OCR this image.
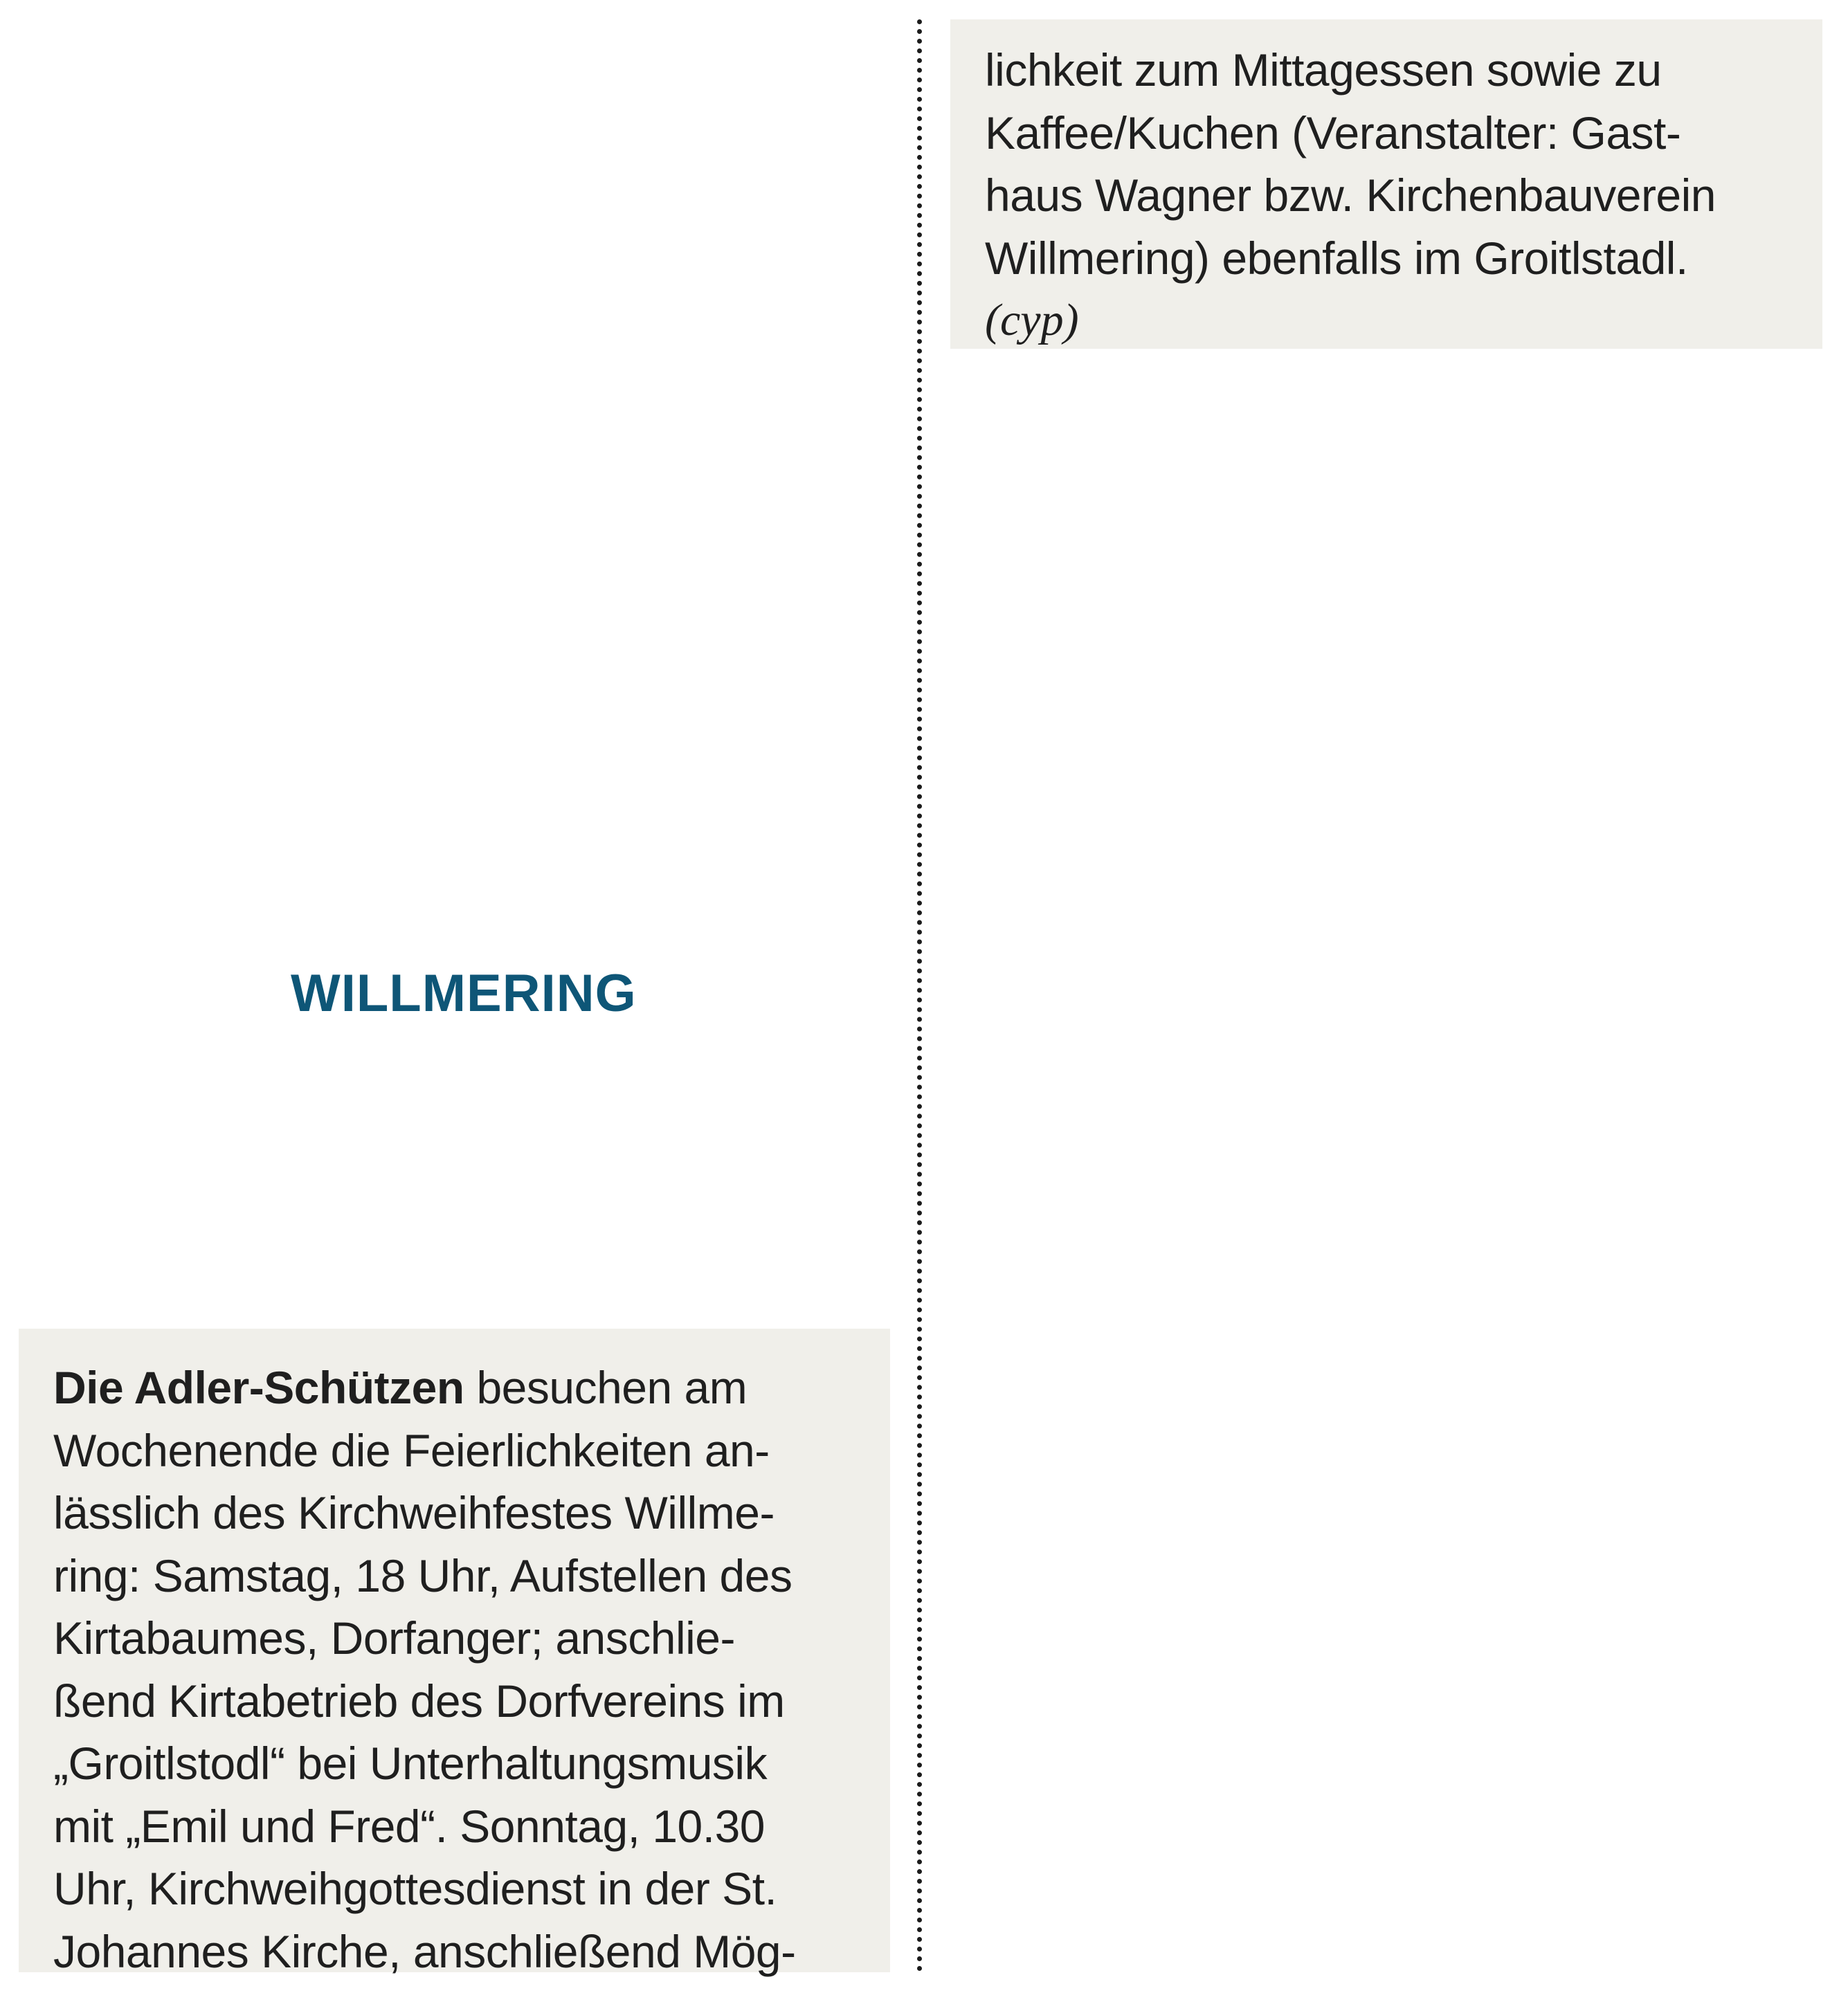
WILLMERING
Die Adler-Schützen besuchen am
Wochenende die Feierlichkeiten an-
lässlich des Kirchweihfestes Willme-
ring: Samstag, 18 Uhr, Aufstellen des
Kirtabaumes, Dorfanger; anschlie-
ßend Kirtabetrieb des Dorfvereins im
„Groitlstodl“ bei Unterhaltungsmusik
mit „Emil und Fred“. Sonntag, 10.30
Uhr, Kirchweihgottesdienst in der St.
Johannes Kirche, anschließend Mög-
lichkeit zum Mittagessen sowie zu
Kaffee/Kuchen (Veranstalter: Gast-
haus Wagner bzw. Kirchenbauverein
Willmering) ebenfalls im Groitlstadl.
(cyp)
